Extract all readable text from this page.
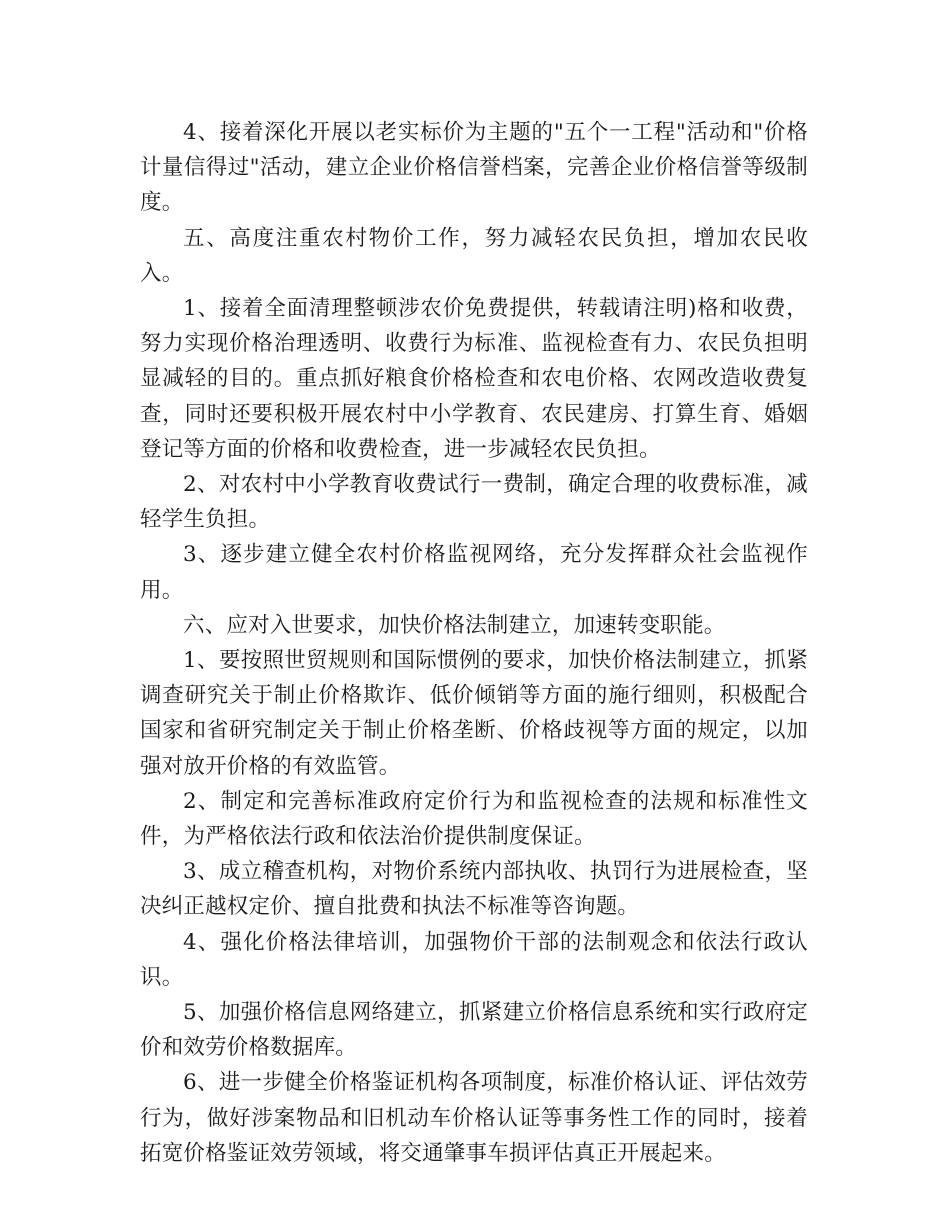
4、接着深化开展以老实标价为主题的"五个一工程"活动和"价格计量信得过"活动，建立企业价格信誉档案，完善企业价格信誉等级制度。

五、高度注重农村物价工作，努力减轻农民负担，增加农民收入。

1、接着全面清理整顿涉农价免费提供，转载请注明)格和收费，努力实现价格治理透明、收费行为标准、监视检查有力、农民负担明显减轻的目的。重点抓好粮食价格检查和农电价格、农网改造收费复查，同时还要积极开展农村中小学教育、农民建房、打算生育、婚姻登记等方面的价格和收费检查，进一步减轻农民负担。

2、对农村中小学教育收费试行一费制，确定合理的收费标准，减轻学生负担。

3、逐步建立健全农村价格监视网络，充分发挥群众社会监视作用。

六、应对入世要求，加快价格法制建立，加速转变职能。

1、要按照世贸规则和国际惯例的要求，加快价格法制建立，抓紧调查研究关于制止价格欺诈、低价倾销等方面的施行细则，积极配合国家和省研究制定关于制止价格垄断、价格歧视等方面的规定，以加强对放开价格的有效监管。

2、制定和完善标准政府定价行为和监视检查的法规和标准性文件，为严格依法行政和依法治价提供制度保证。

3、成立稽查机构，对物价系统内部执收、执罚行为进展检查，坚决纠正越权定价、擅自批费和执法不标准等咨询题。

4、强化价格法律培训，加强物价干部的法制观念和依法行政认识。

5、加强价格信息网络建立，抓紧建立价格信息系统和实行政府定价和效劳价格数据库。

6、进一步健全价格鉴证机构各项制度，标准价格认证、评估效劳行为，做好涉案物品和旧机动车价格认证等事务性工作的同时，接着拓宽价格鉴证效劳领域，将交通肇事车损评估真正开展起来。
